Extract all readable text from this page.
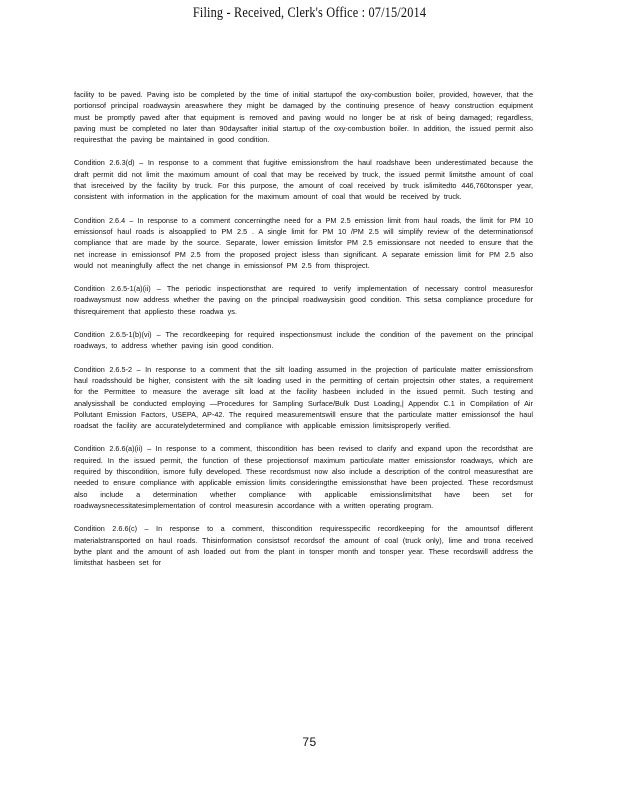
Filing - Received, Clerk's Office : 07/15/2014

facility to be paved. Paving isto be completed by the time of initial startupof the oxy-combustion boiler, provided, however, that the portionsof principal roadwaysin areaswhere they might be damaged by the continuing presence of heavy construction equipment must be promptly paved after that equipment is removed and paving would no longer be at risk of being damaged; regardless, paving must be completed no later than 90daysafter initial startup of the oxy-combustion boiler. In addition, the issued permit also requiresthat the paving be maintained in good condition.

Condition 2.6.3(d) – In response to a comment that fugitive emissionsfrom the haul roadshave been underestimated because the draft permit did not limit the maximum amount of coal that may be received by truck, the issued permit limitsthe amount of coal that isreceived by the facility by truck. For this purpose, the amount of coal received by truck islimitedto 446,760tonsper year, consistent with information in the application for the maximum amount of coal that would be received by truck.

Condition 2.6.4 – In response to a comment concerningthe need for a PM 2.5 emission limit from haul roads, the limit for PM 10 emissionsof haul roads is alsoapplied to PM 2.5 . A single limit for PM 10 /PM 2.5 will simplify review of the determinationsof compliance that are made by the source. Separate, lower emission limitsfor PM 2.5 emissionsare not needed to ensure that the net increase in emissionsof PM 2.5 from the proposed project isless than significant. A separate emission limit for PM 2.5 also would not meaningfully affect the net change in emissionsof PM 2.5 from thisproject.

Condition 2.6.5-1(a)(ii) – The periodic inspectionsthat are required to verify implementation of necessary control measuresfor roadwaysmust now address whether the paving on the principal roadwaysisin good condition. This setsa compliance procedure for thisrequirement that appliesto these roadwa ys.

Condition 2.6.5-1(b)(vi) – The recordkeeping for required inspectionsmust include the condition of the pavement on the principal roadways, to address whether paving isin good condition.

Condition 2.6.5-2 – In response to a comment that the silt loading assumed in the projection of particulate matter emissionsfrom haul roadsshould be higher, consistent with the silt loading used in the permitting of certain projectsin other states, a requirement for the Permittee to measure the average silt load at the facility hasbeen included in the issued permit. Such testing and analysisshall be conducted employing —Procedures for Sampling Surface/Bulk Dust Loading,| Appendix C.1 in Compilation of Air Pollutant Emission Factors, USEPA, AP-42. The required measurementswill ensure that the particulate matter emissionsof the haul roadsat the facility are accuratelydetermined and compliance with applicable emission limitsisproperly verified.

Condition 2.6.6(a)(ii) – In response to a comment, thiscondition has been revised to clarify and expand upon the recordsthat are required. In the issued permit, the function of these projectionsof maximum particulate matter emissionsfor roadways, which are required by thiscondition, ismore fully developed. These recordsmust now also include a description of the control measuresthat are needed to ensure compliance with applicable emission limits consideringthe emissionsthat have been projected. These recordsmust also include a determination whether compliance with applicable emissionslimitsthat have been set for roadwaysnecessitatesimplementation of control measuresin accordance with a written operating program.

Condition 2.6.6(c) – In response to a comment, thiscondition requiresspecific recordkeeping for the amountsof different materialstransported on haul roads. Thisinformation consistsof recordsof the amount of coal (truck only), lime and trona received bythe plant and the amount of ash loaded out from the plant in tonsper month and tonsper year. These recordswill address the limitsthat hasbeen set for

75
